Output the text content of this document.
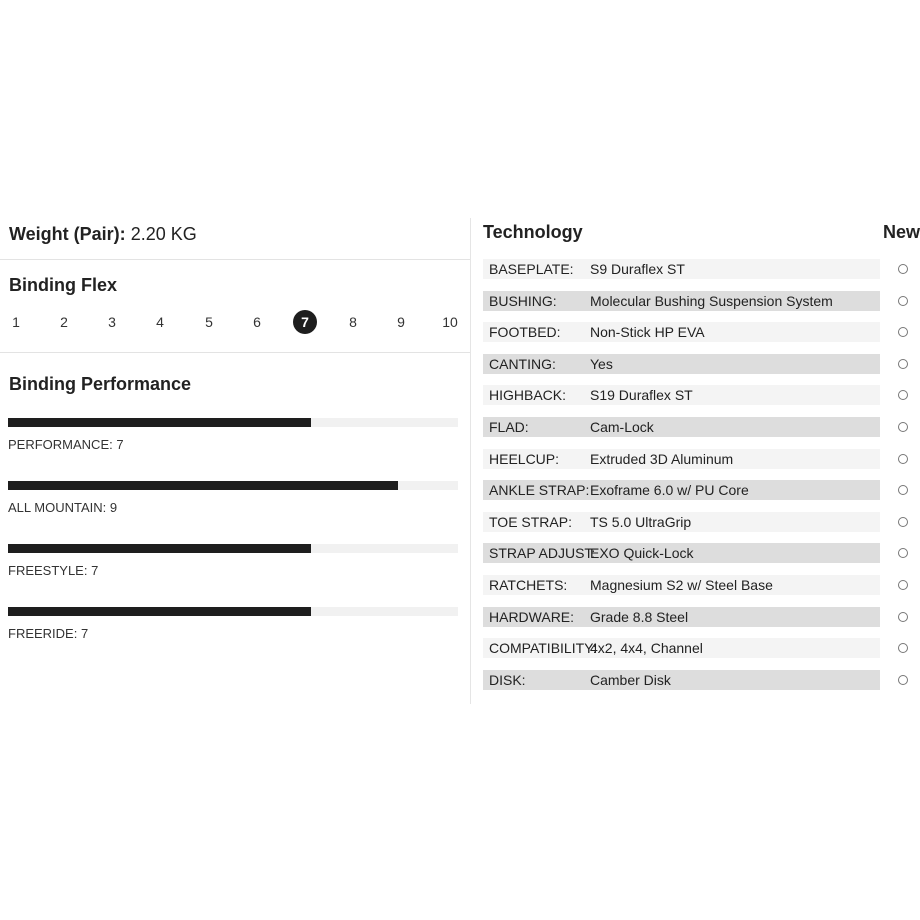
Weight (Pair): 2.20 KG
Binding Flex
1	2	3	4	5	6	7	8	9	10
Binding Performance
PERFORMANCE: 7
ALL MOUNTAIN: 9
FREESTYLE: 7
FREERIDE: 7
Technology	New
BASEPLATE: S9 Duraflex ST
BUSHING: Molecular Bushing Suspension System
FOOTBED: Non-Stick HP EVA
CANTING: Yes
HIGHBACK: S19 Duraflex ST
FLAD:	Cam-Lock
HEELCUP: Extruded 3D Aluminum
ANKLE STRAP: Exoframe 6.0 w/ PU Core
TOE STRAP: TS 5.0 UltraGrip
STRAP ADJUST:
EXO Quick-Lock
RATCHETS: Magnesium S2 w/ Steel Base
HARDWARE: Grade 8.8 Steel
COMPATIBILITY:
4x2, 4x4, Channel
DISK:	Camber Disk
